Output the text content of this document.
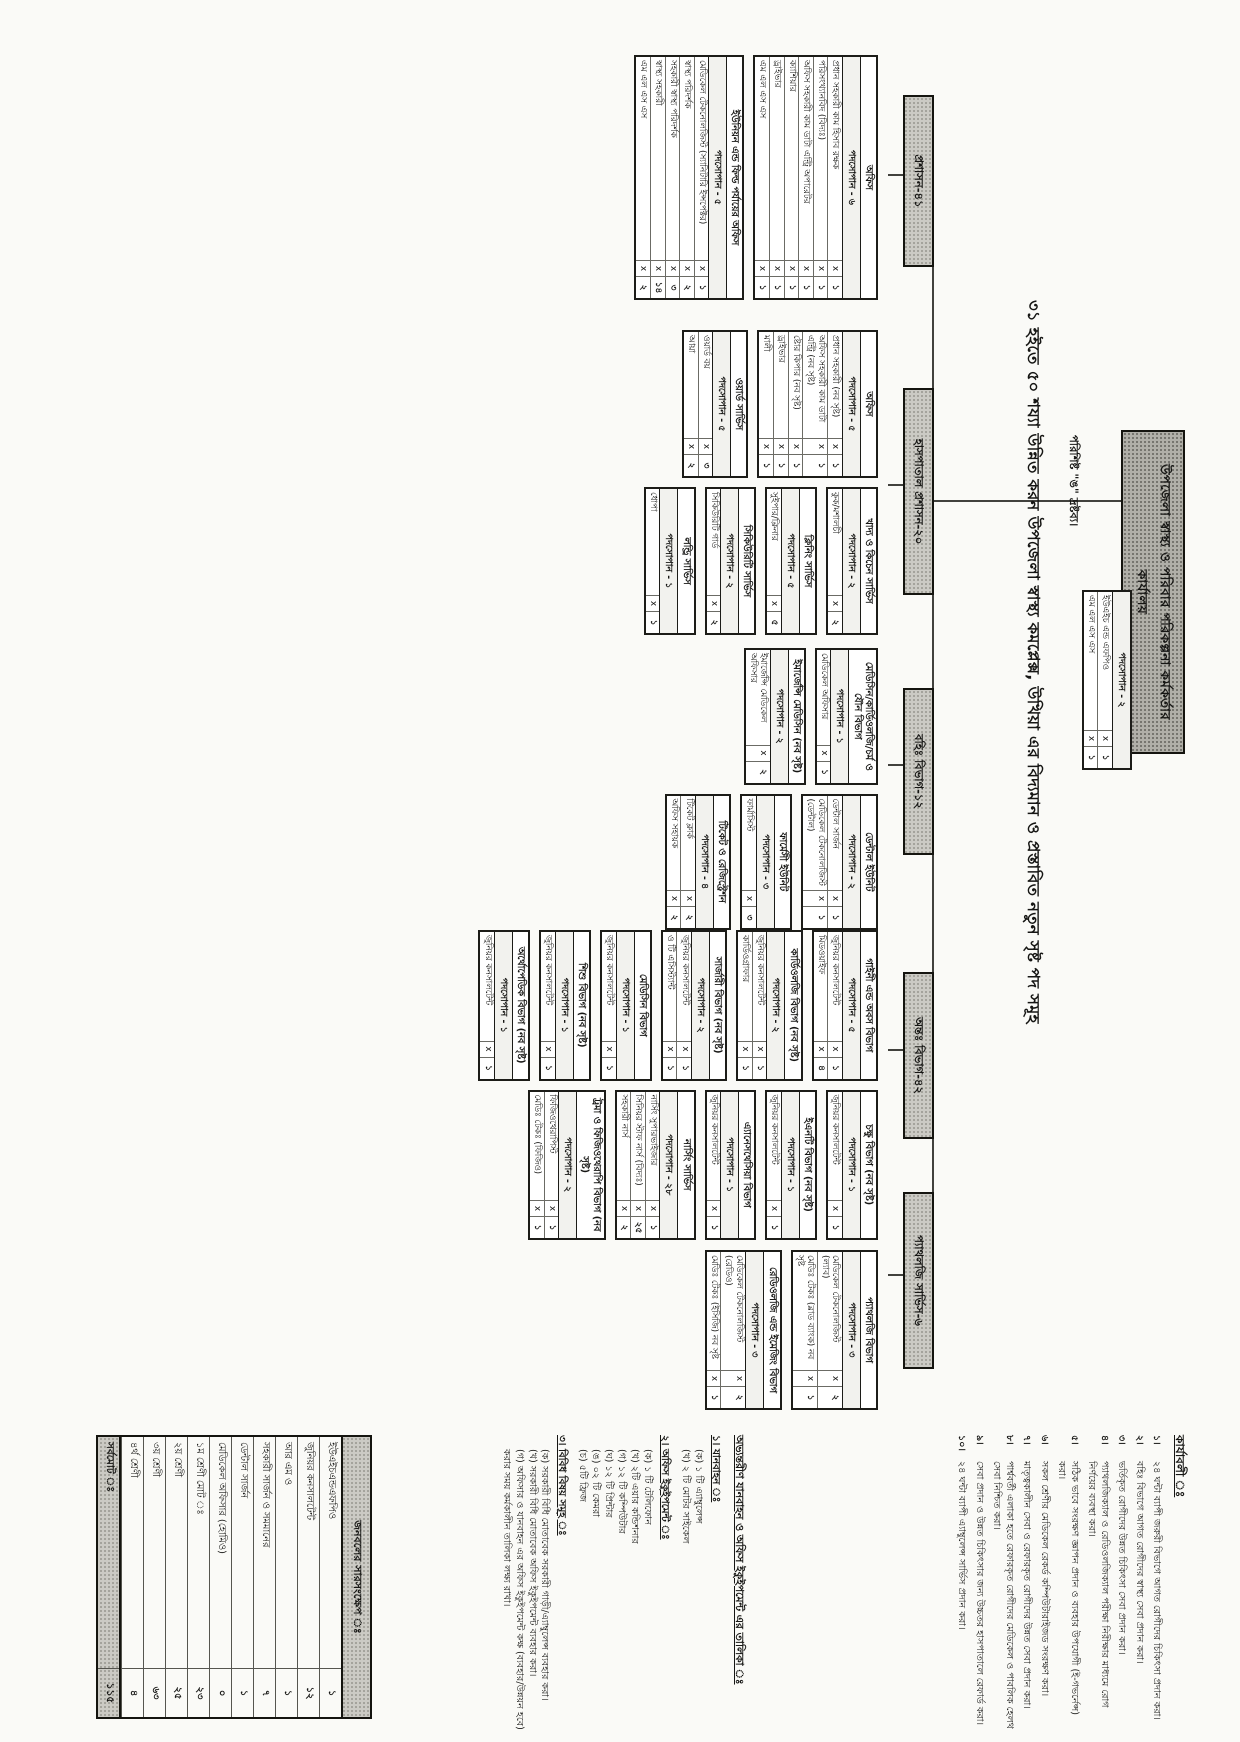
উপজেলা স্বাস্থ্য ও পরিবার পরিকল্পনা কর্মকর্তার কার্যালয়
পদসোপান - ২
ইউএইচ এন্ড এফপিও
x
১
এম এল এস এস
x
১
পরিশিষ্ট "ঙ" দ্রষ্টব্য।
৩১ হইতে ৫০ শয্যা উন্নিত করন উপজেলা স্বাস্থ্য কমপ্লেক্স, উখিয়া এর বিদ্যমান ও প্রস্তাবিত নতুন সৃষ্ট পদ সমূহ
প্রশাসন-৪১
হাসপাতাল প্রশাসন-২০
বহিঃ বিভাগ-১২
অন্তঃ বিভাগ-৪২
প্যাথলজি সার্ভিস-৬
অফিস
পদসোপান - ৬
প্রধান সহকারী কাম হিসাব রক্ষক
x
১
পরিসংখ্যানবিদ (বিদ্যঃ)
x
১
অফিস সহকারী কাম ডাটা এন্ট্রি অপারেটর
x
১
ক্যাশিয়ার
x
১
ড্রাইভার
x
১
এম এল এস এস
x
১
ইউনিয়ন এন্ড ফিল্ড পর্যায়ের অফিস
পদসোপান - ৫
মেডিকেল টেকনোলজিস্ট (স্যানিটারি ইন্সপেক্টর)
x
১
স্বাস্থ্য পরিদর্শক
x
২
সহকারী স্বাস্থ্য পরিদর্শক
x
৩
স্বাস্থ্য সহকারী
x
১৪
এম এল এস এস
x
২
অফিস
পদসোপান - ৫
প্রধান সহকারী (নব সৃষ্ট)
x
১
অফিস সহকারী কাম ডাটা এন্ট্রি (নব সৃষ্ট)
x
১
ষ্টোর কিপার (নব সৃষ্ট)
x
১
ড্রাইভার
x
১
মালী
x
১
ওয়ার্ড সার্ভিস
পদসোপান - ৫
ওয়ার্ড বয়
x
৩
আয়া
x
২
খাদ্য ও কিচেন সার্ভিস
পদসোপান - ২
কুক/মশালচী
x
২
ক্লিনিং সার্ভিস
পদসোপান - ৫
সুইপার/ক্লিনার
x
৫
সিকিউরিটি সার্ভিস
পদসোপান - ২
সিকিউরিটি গার্ড
x
২
লন্ড্রি সার্ভিস
পদসোপান - ১
ধোপা
x
১
মেডিসিন/কার্ডিওলজি/চর্ম ও যৌন বিভাগ
পদসোপান - ১
মেডিকেল অফিসার
x
১
ইমার্জেন্সি মেডিসিন (নব সৃষ্ট)
পদসোপান - ২
ইমার্জেন্সি মেডিকেল অফিসার
x
২
ডেন্টাল ইউনিট
পদসোপান - ২
ডেন্টাল সার্জন
x
১
মেডিকেল টেকনোলজিস্ট (ডেন্টাল)
x
১
ফার্মেসী ইউনিট
পদসোপান - ৩
ফার্মাসিস্ট
x
৩
টিকেট ও রেজিস্ট্রেশন
পদসোপান - ৪
টিকেট ক্লার্ক
x
২
অফিস সহায়ক
x
২
গাইনী এন্ড অবস বিভাগ
পদসোপান - ৫
জুনিয়র কনসালটেন্ট
x
১
মিডওয়াইফ
x
৪
কার্ডিওলজি বিভাগ (নব সৃষ্ট)
পদসোপান - ২
জুনিয়র কনসালটেন্ট
x
১
কার্ডিওগ্রাফার
x
১
সার্জারী বিভাগ (নব সৃষ্ট)
পদসোপান - ২
জুনিয়র কনসালটেন্ট
x
১
ও টি এসিস্ট্যান্ট
x
১
মেডিসিন বিভাগ
পদসোপান - ১
জুনিয়র কনসালটেন্ট
x
১
শিশু বিভাগ (নব সৃষ্ট)
পদসোপান - ১
জুনিয়র কনসালটেন্ট
x
১
অর্থোপেডিক বিভাগ (নব সৃষ্ট)
পদসোপান - ১
জুনিয়র কনসালটেন্ট
x
১
চক্ষু বিভাগ (নব সৃষ্ট)
পদসোপান - ১
জুনিয়র কনসালটেন্ট
x
১
ইএনটি বিভাগ (নব সৃষ্ট)
পদসোপান - ১
জুনিয়র কনসালটেন্ট
x
১
এ্যানেসথেসিয়া বিভাগ
পদসোপান - ১
জুনিয়র কনসালটেন্ট
x
১
নার্সিং সার্ভিস
পদসোপান - ২৮
নার্সিং সুপারভাইজার
x
১
সিনিয়র স্টাফ নার্স (বিদ্যঃ)
x
২৫
সহকারী নার্স
x
২
ট্রমা ও ফিজিওথেরাপি বিভাগ (নব সৃষ্ট)
পদসোপান - ২
ফিজিওথেরাপিস্ট
x
১
মেডিঃ টেকঃ (ফিজিও)
x
১
প্যাথলজি বিভাগ
পদসোপান - ৩
মেডিকেল টেকনোলজিস্ট (ল্যাব)
x
২
মেডিঃ টেকঃ (ব্লাড ব্যাংক) নব সৃষ্ট
x
১
রেডিওলজি এন্ড ইমেজিং বিভাগ
পদসোপান - ৩
মেডিকেল টেকনোলজিস্ট (রেডিও)
x
২
মেডিঃ টেকঃ (ইসিজি) নব সৃষ্ট
x
১
কার্যাবলী ঃ
১।
২৪ ঘন্টা ব্যাপী জরুরী বিভাগে আগত রোগীদের চিকিৎসা প্রদান করা।
২।
বহিঃ বিভাগে আগত রোগীদের স্বাস্থ্য সেবা প্রদান করা।
৩।
ভর্তিকৃত রোগীদের উন্নত চিকিৎসা সেবা প্রদান করা।
৪।
প্যাথলজিক্যাল ও রেডিওলজিক্যাল পরীক্ষা নিরীক্ষার মাধ্যমে রোগ নির্ণয়ের ব্যবস্থা করা।
৫।
সঠিক ভাবে সংরক্ষণ জ্ঞাপন প্রদান ও ব্যবহার উপযোগী (ই-গভর্নেন্স) করা।
৬।
সকল শ্রেণীর মেডিকেল রেকর্ড কম্পিউটারাইজড সংরক্ষণ করা।
৭।
মাতৃত্বকালীন সেবা ও রেফারকৃত রোগীদের উন্নত সেবা প্রদান করা।
৮।
পার্শ্ববর্তী এলাকা হতে রেফারকৃত রোগীদের মেডিকেল ও পাবলিক হেলথ সেবা নিশ্চিত করা।
৯।
সেবা প্রদান ও উন্নত চিকিৎসার জন্য উচ্চতর হাসপাতালে রেফার্ড করা।
১০।
২৪ ঘন্টা ব্যাপী এ্যাম্বুলেন্স সার্ভিস প্রদান করা।
অভ্যন্তরীণ যানবাহন ও অফিস ইকুইপমেন্ট এর তালিকা ঃ
১। যানবাহন ঃ
(ক) ১ টি এ্যাম্বুলেন্স
(খ) ২ টি মোটর সাইকেল
২। অফিস ইকুইপমেন্ট ঃ
(ক) ১ টি টেলিফোন
(খ) ২টি এয়ার কন্ডিশনার
(গ) ১২ টি কম্পিউটার
(ঘ) ১২ টি প্রিন্টার
(ঙ) ০২ টি কেমরা
(চ) ৫টি ফ্রিজ
৩। বিবিধ বিষয় সমূহ ঃ
(ক) সরকারী বিধি মোতাবেক সরকারী গাড়ী/এ্যাম্বুলেন্স ব্যবহার করা।
(খ) সরকারী বিধি মোতাবেক অফিস ইকুইপমেন্ট ব্যবহার করা।
(গ) অফিসার ও যানবাহন এর অফিস ইকুইপমেন্ট কক্ষ (ব্যবহার/উন্নয়ন হবে) করার সময় কর্মকালীন তালিকা লক্ষ্য রাখা।
জনবলের সারসংক্ষেপ ঃ
ইউএইচএন্ডএফপিও
১
জুনিয়র কনসালটেন্ট
১২
আর এম ও
১
সহকারী সার্জন ও সমমানের
৭
ডেন্টাল সার্জন
১
মেডিকেল অফিসার (হোমিও)
০
১ম শ্রেণী মোট ঃ
২৩
২য় শ্রেণী
২৫
৩য় শ্রেণী
৬৩
৪র্থ শ্রেণী
৪
সর্বমোট ঃ
১১৫
